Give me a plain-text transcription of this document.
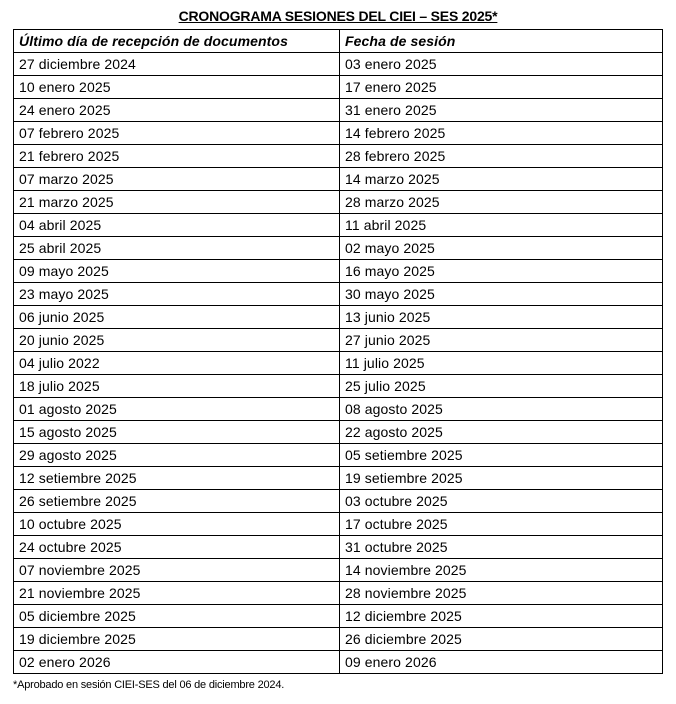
CRONOGRAMA SESIONES DEL CIEI – SES 2025*
Último día de recepción de documentos	Fecha de sesión
27 diciembre 2024	03 enero 2025
10 enero 2025	17 enero 2025
24 enero 2025	31 enero 2025
07 febrero 2025	14 febrero 2025
21 febrero 2025	28 febrero 2025
07 marzo 2025	14 marzo 2025
21 marzo 2025	28 marzo 2025
04 abril 2025	11 abril 2025
25 abril 2025	02 mayo 2025
09 mayo 2025	16 mayo 2025
23 mayo 2025	30 mayo 2025
06 junio 2025	13 junio 2025
20 junio 2025	27 junio 2025
04 julio 2022	11 julio 2025
18 julio 2025	25 julio 2025
01 agosto 2025	08 agosto 2025
15 agosto 2025	22 agosto 2025
29 agosto 2025	05 setiembre 2025
12 setiembre 2025	19 setiembre 2025
26 setiembre 2025	03 octubre 2025
10 octubre 2025	17 octubre 2025
24 octubre 2025	31 octubre 2025
07 noviembre 2025	14 noviembre 2025
21 noviembre 2025	28 noviembre 2025
05 diciembre 2025	12 diciembre 2025
19 diciembre 2025	26 diciembre 2025
02 enero 2026	09 enero 2026
*Aprobado en sesión CIEI-SES del 06 de diciembre 2024.
